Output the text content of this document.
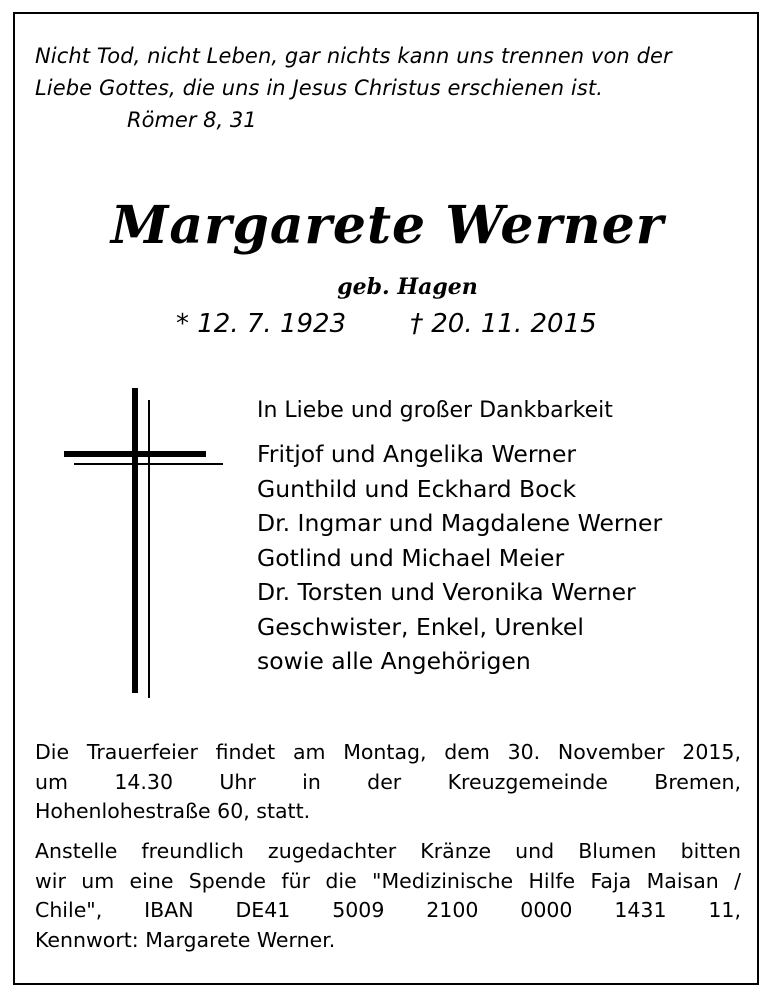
Nicht Tod, nicht Leben, gar nichts kann uns trennen von der
Liebe Gottes, die uns in Jesus Christus erschienen ist.
Römer 8, 31
Margarete Werner
geb. Hagen
* 12. 7. 1923 † 20. 11. 2015
In Liebe und großer Dankbarkeit
Fritjof und Angelika Werner
Gunthild und Eckhard Bock
Dr. Ingmar und Magdalene Werner
Gotlind und Michael Meier
Dr. Torsten und Veronika Werner
Geschwister, Enkel, Urenkel
sowie alle Angehörigen
Die Trauerfeier findet am Montag, dem 30. November 2015,
um 14.30 Uhr in der Kreuzgemeinde Bremen,
Hohenlohestraße 60, statt.
Anstelle freundlich zugedachter Kränze und Blumen bitten
wir um eine Spende für die "Medizinische Hilfe Faja Maisan /
Chile", IBAN DE41 5009 2100 0000 1431 11,
Kennwort: Margarete Werner.
